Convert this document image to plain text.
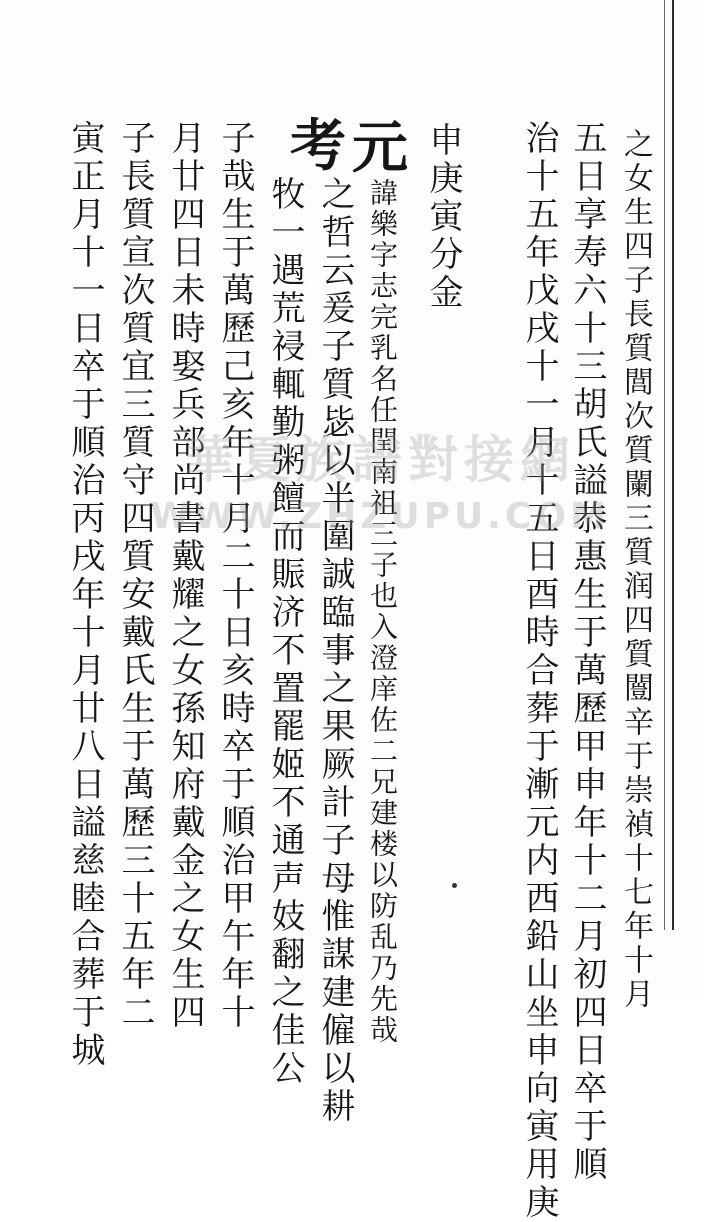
之女生四子長質閭次質闌三質润四質闓辛于崇禎十七年十月
五日享寿六十三胡氏謚恭惠生于萬歷甲申年十二月初四日卒于順
治十五年戊戌十一月十五日酉時合葬于漸元内西鉛山坐申向寅用庚
申庚寅分金
元
考
諱樂字志完乳名任閏南祖三子也入澄庠佐二兄建楼以防乱乃先哉
之哲云爰子質毖以半圍誠臨事之果厥計子母惟謀建僱以耕
牧一遇荒祲輒勤粥饘而賑济不置罷姬不通声妓翻之佳公
子哉生于萬歷己亥年十月二十日亥時卒于順治甲午年十
月廿四日未時娶兵部尚書戴耀之女孫知府戴金之女生四
子長質宣次質宜三質守四質安戴氏生于萬歷三十五年二
寅正月十一日卒于順治丙戌年十月廿八日謚慈睦合葬于城	華夏族譜對接網
WWW.ZHZUPU.COM
